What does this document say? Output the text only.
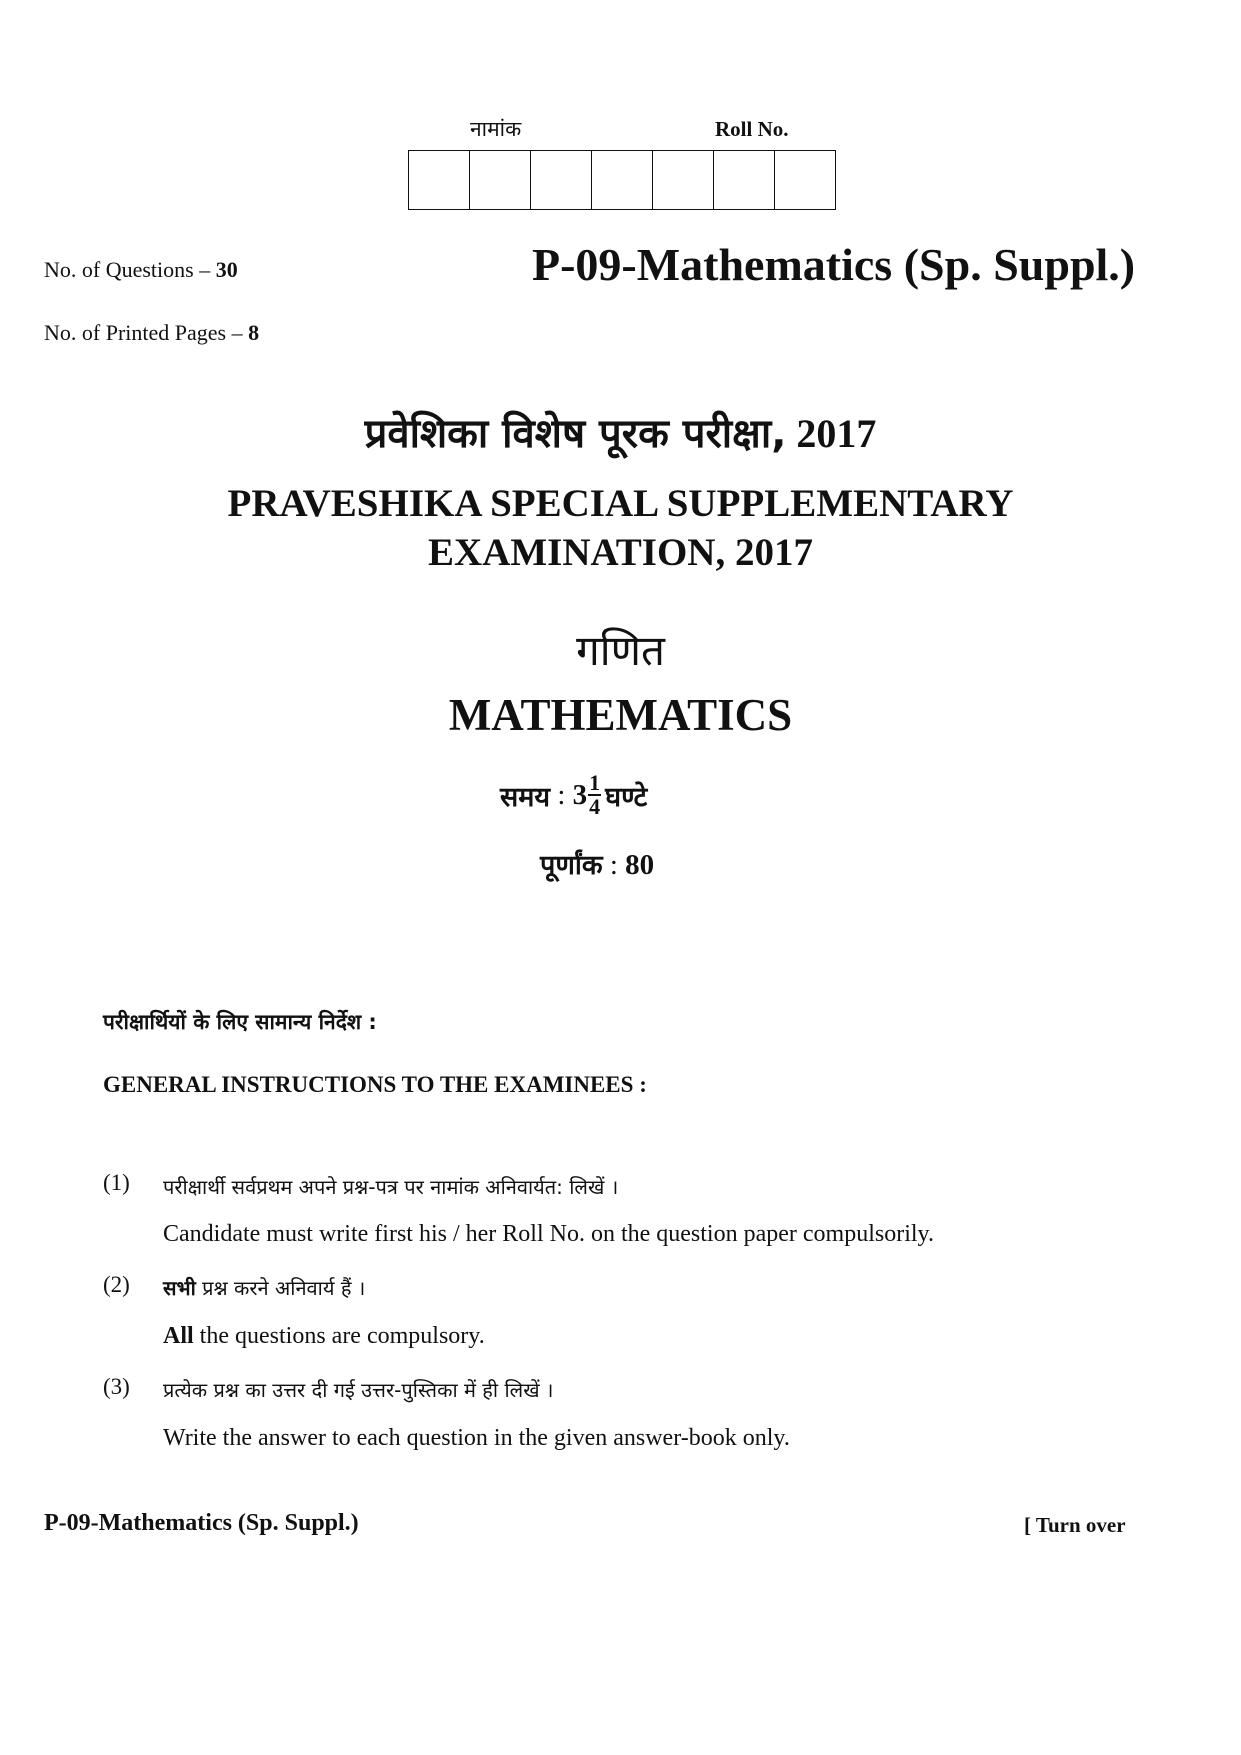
नामांक	Roll No.
No. of Questions – 30
No. of Printed Pages – 8
P-09-Mathematics (Sp. Suppl.)
प्रवेशिका विशेष पूरक परीक्षा, 2017
PRAVESHIKA SPECIAL SUPPLEMENTARY
EXAMINATION, 2017
गणित
MATHEMATICS
समय : $3 \frac{1}{4}$ घण्टे
पूर्णांक : 80
परीक्षार्थियों के लिए सामान्य निर्देश :
GENERAL INSTRUCTIONS TO THE EXAMINEES :
(1) परीक्षार्थी सर्वप्रथम अपने प्रश्न-पत्र पर नामांक अनिवार्यत: लिखें ।
Candidate must write first his / her Roll No. on the question paper compulsorily.
(2) सभी प्रश्न करने अनिवार्य हैं ।
All the questions are compulsory.
(3) प्रत्येक प्रश्न का उत्तर दी गई उत्तर-पुस्तिका में ही लिखें ।
Write the answer to each question in the given answer-book only.
P-09-Mathematics (Sp. Suppl.)	[ Turn over
